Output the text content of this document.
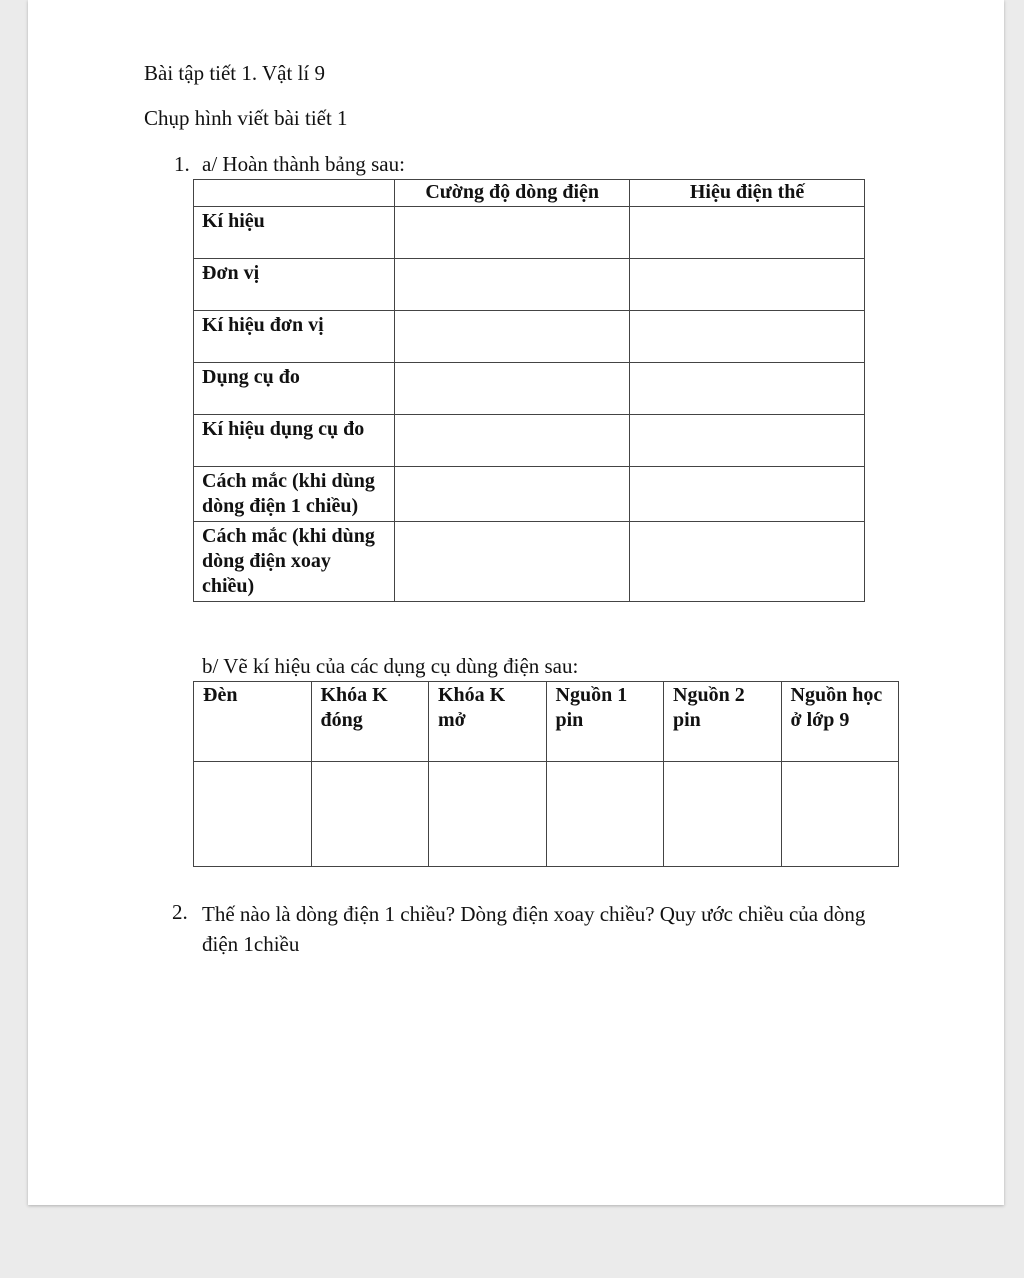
Bài tập tiết 1. Vật lí 9
Chụp hình viết bài tiết 1
1. a/ Hoàn thành bảng sau:
	Cường độ dòng điện	Hiệu điện thế
Kí hiệu		
Đơn vị		
Kí hiệu đơn vị		
Dụng cụ đo		
Kí hiệu dụng cụ đo		
Cách mắc (khi dùng dòng điện 1 chiều)		
Cách mắc (khi dùng dòng điện xoay chiều)		
b/ Vẽ kí hiệu của các dụng cụ dùng điện sau:
Đèn	Khóa K đóng	Khóa K mở	Nguồn 1 pin	Nguồn 2 pin	Nguồn học ở lớp 9

2. Thế nào là dòng điện 1 chiều? Dòng điện xoay chiều? Quy ước chiều của dòng điện 1chiều
